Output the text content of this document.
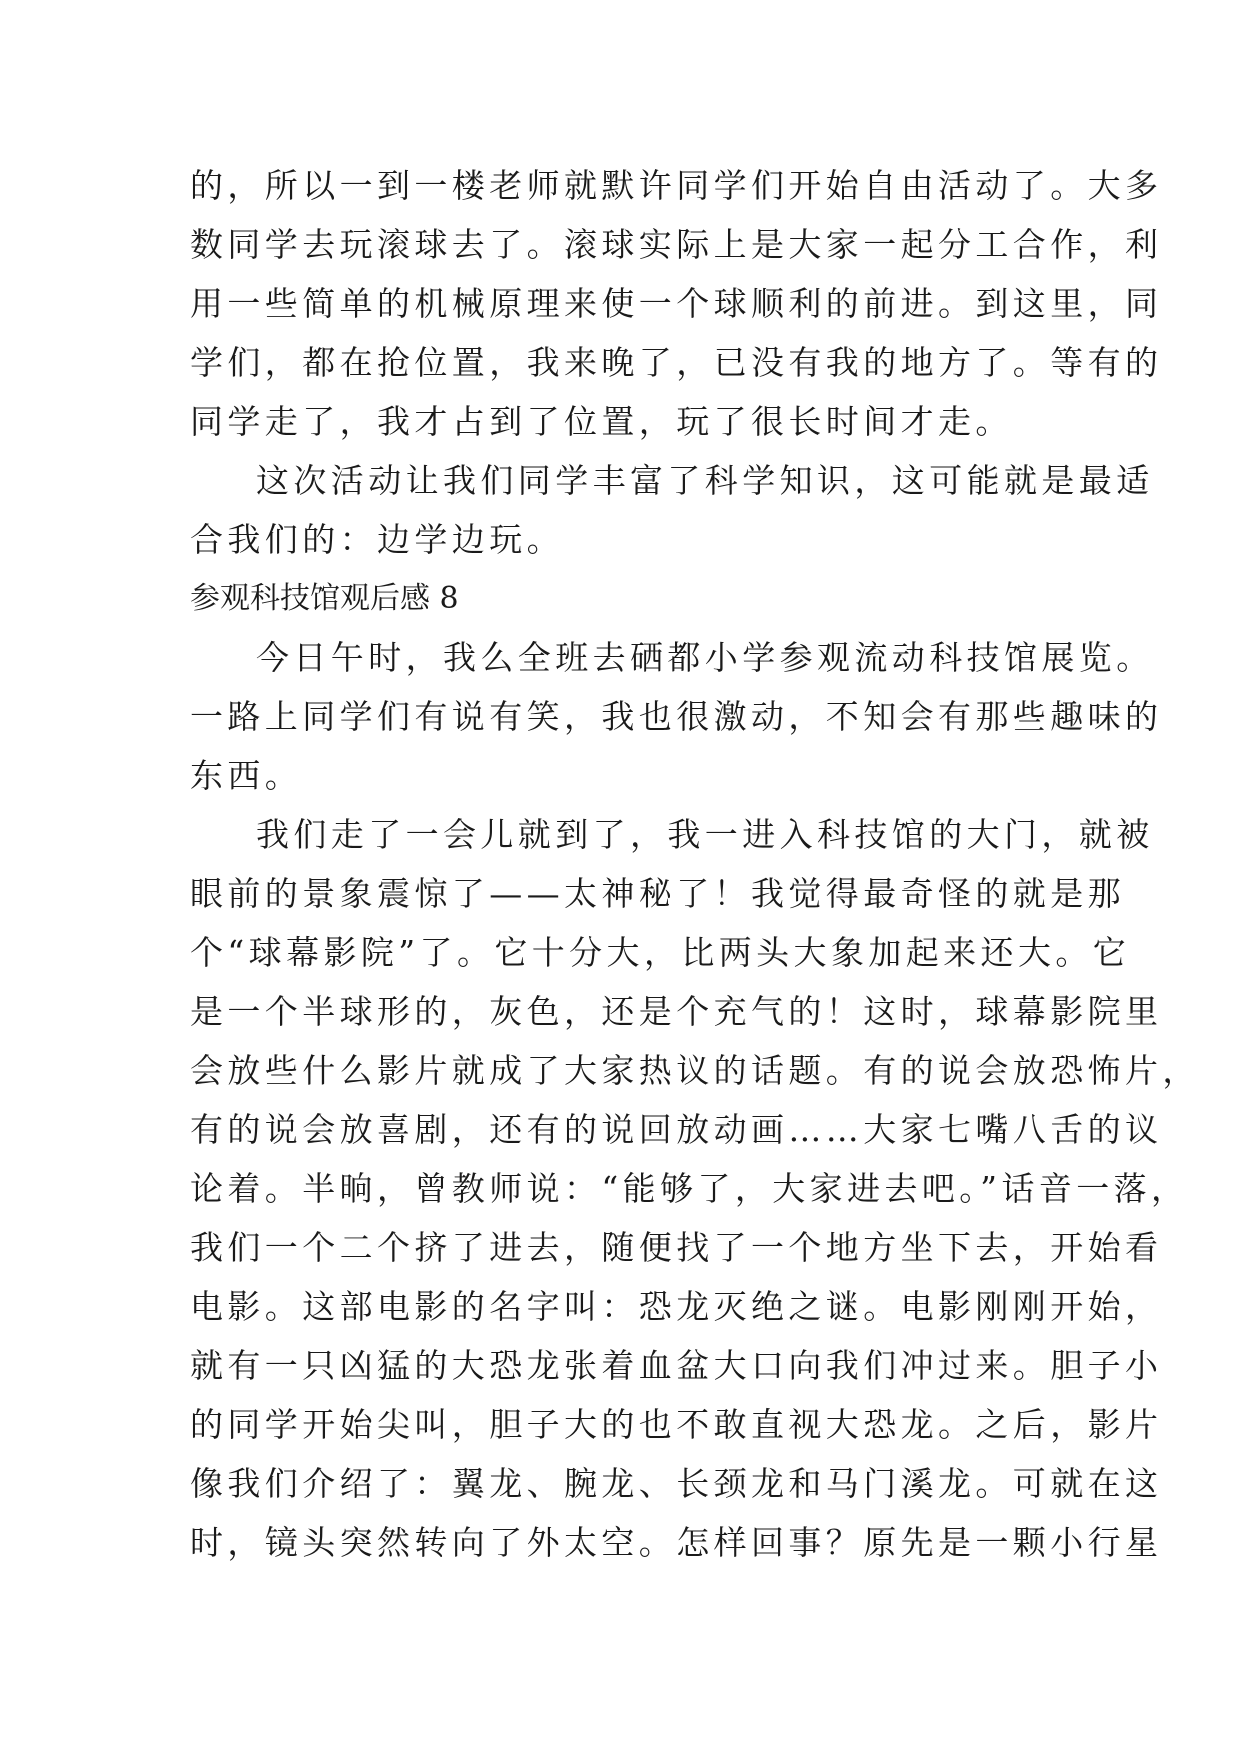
的，所以一到一楼老师就默许同学们开始自由活动了。大多
数同学去玩滚球去了。滚球实际上是大家一起分工合作，利
用一些简单的机械原理来使一个球顺利的前进。到这里，同
学们，都在抢位置，我来晚了，已没有我的地方了。等有的
同学走了，我才占到了位置，玩了很长时间才走。
这次活动让我们同学丰富了科学知识，这可能就是最适
合我们的：边学边玩。
参观科技馆观后感 8
今日午时，我么全班去硒都小学参观流动科技馆展览。
一路上同学们有说有笑，我也很激动，不知会有那些趣味的
东西。
我们走了一会儿就到了，我一进入科技馆的大门，就被
眼前的景象震惊了——太神秘了！我觉得最奇怪的就是那
个“球幕影院”了。它十分大，比两头大象加起来还大。它
是一个半球形的，灰色，还是个充气的！这时，球幕影院里
会放些什么影片就成了大家热议的话题。有的说会放恐怖片，
有的说会放喜剧，还有的说回放动画……大家七嘴八舌的议
论着。半晌，曾教师说：“能够了，大家进去吧。”话音一落，
我们一个二个挤了进去，随便找了一个地方坐下去，开始看
电影。这部电影的名字叫：恐龙灭绝之谜。电影刚刚开始，
就有一只凶猛的大恐龙张着血盆大口向我们冲过来。胆子小
的同学开始尖叫，胆子大的也不敢直视大恐龙。之后，影片
像我们介绍了：翼龙、腕龙、长颈龙和马门溪龙。可就在这
时，镜头突然转向了外太空。怎样回事？原先是一颗小行星
